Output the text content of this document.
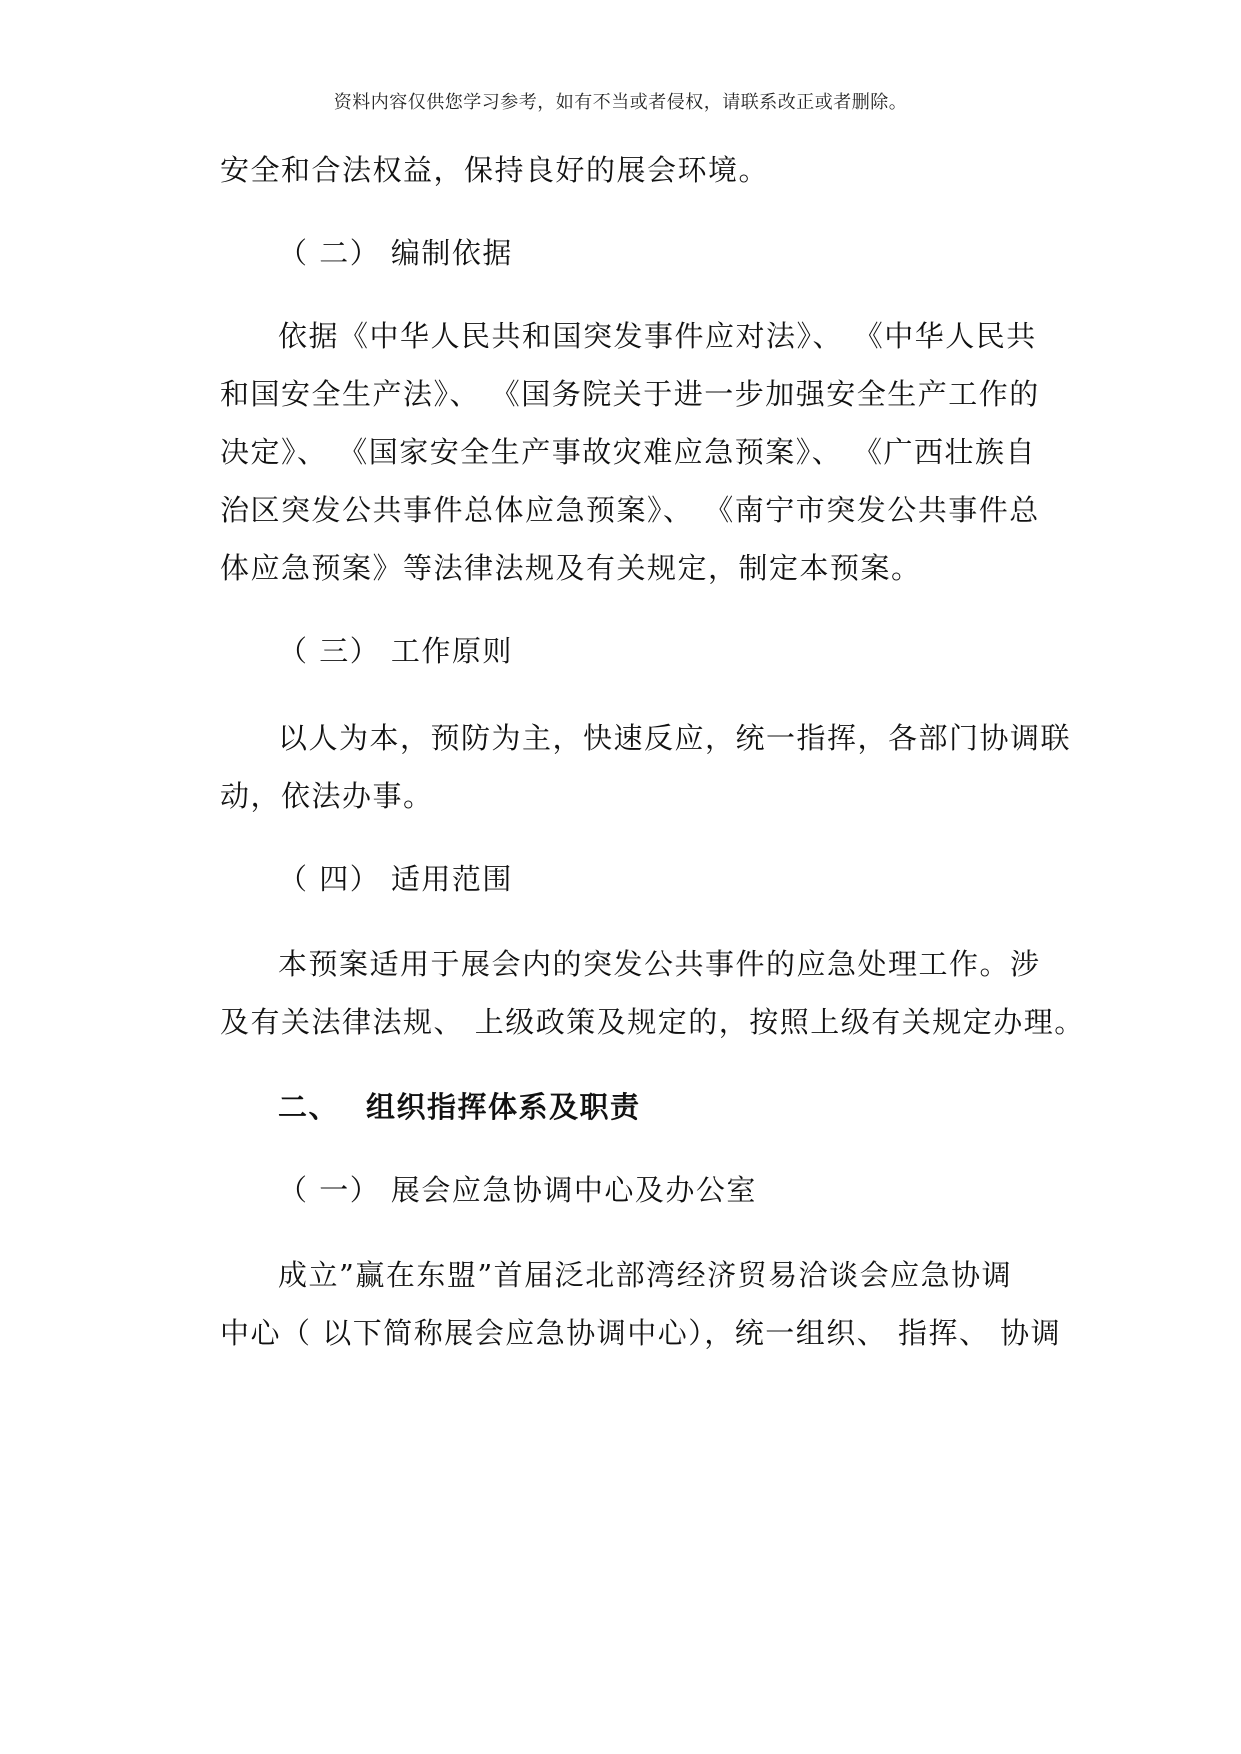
资料内容仅供您学习参考，如有不当或者侵权，请联系改正或者删除。
安全和合法权益，保持良好的展会环境。
（ 二） 编制依据
依据《中华人民共和国突发事件应对法》、 《中华人民共
和国安全生产法》、 《国务院关于进一步加强安全生产工作的
决定》、 《国家安全生产事故灾难应急预案》、 《广西壮族自
治区突发公共事件总体应急预案》、 《南宁市突发公共事件总
体应急预案》等法律法规及有关规定，制定本预案。
（ 三） 工作原则
以人为本，预防为主，快速反应，统一指挥，各部门协调联
动，依法办事。
（ 四） 适用范围
本预案适用于展会内的突发公共事件的应急处理工作。涉
及有关法律法规、 上级政策及规定的，按照上级有关规定办理。
二、 组织指挥体系及职责
（ 一） 展会应急协调中心及办公室
成立”赢在东盟”首届泛北部湾经济贸易洽谈会应急协调
中心（ 以下简称展会应急协调中心），统一组织、 指挥、 协调
